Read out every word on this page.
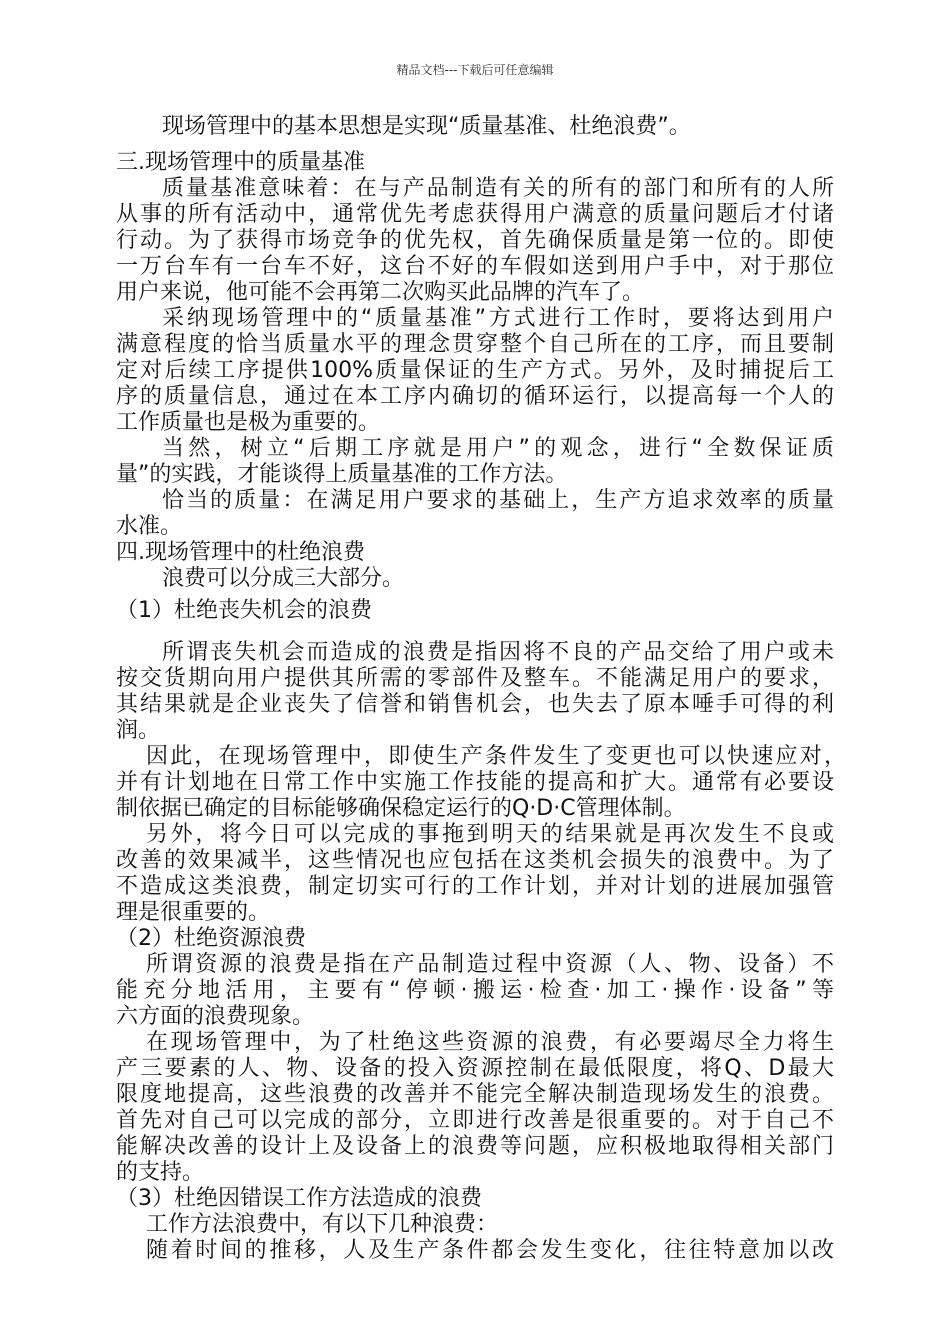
精品文档---下载后可任意编辑
现场管理中的基本思想是实现“质量基准、杜绝浪费”。
三.现场管理中的质量基准
质量基准意味着：在与产品制造有关的所有的部门和所有的人所
从事的所有活动中，通常优先考虑获得用户满意的质量问题后才付诸
行动。为了获得市场竞争的优先权，首先确保质量是第一位的。即使
一万台车有一台车不好，这台不好的车假如送到用户手中，对于那位
用户来说，他可能不会再第二次购买此品牌的汽车了。
采纳现场管理中的“质量基准”方式进行工作时，要将达到用户
满意程度的恰当质量水平的理念贯穿整个自己所在的工序，而且要制
定对后续工序提供100%质量保证的生产方式。另外，及时捕捉后工
序的质量信息，通过在本工序内确切的循环运行，以提高每一个人的
工作质量也是极为重要的。
当然，树立“后期工序就是用户”的观念，进行“全数保证质
量”的实践，才能谈得上质量基准的工作方法。
恰当的质量：在满足用户要求的基础上，生产方追求效率的质量
水准。
四.现场管理中的杜绝浪费
浪费可以分成三大部分。
（1）杜绝丧失机会的浪费
所谓丧失机会而造成的浪费是指因将不良的产品交给了用户或未
按交货期向用户提供其所需的零部件及整车。不能满足用户的要求，
其结果就是企业丧失了信誉和销售机会，也失去了原本唾手可得的利
润。
因此，在现场管理中，即使生产条件发生了变更也可以快速应对，
并有计划地在日常工作中实施工作技能的提高和扩大。通常有必要设
制依据已确定的目标能够确保稳定运行的Q·D·C管理体制。
另外，将今日可以完成的事拖到明天的结果就是再次发生不良或
改善的效果减半，这些情况也应包括在这类机会损失的浪费中。为了
不造成这类浪费，制定切实可行的工作计划，并对计划的进展加强管
理是很重要的。
（2）杜绝资源浪费
所谓资源的浪费是指在产品制造过程中资源（人、物、设备）不
能充分地活用，主要有“停顿·搬运·检查·加工·操作·设备”等
六方面的浪费现象。
在现场管理中，为了杜绝这些资源的浪费，有必要竭尽全力将生
产三要素的人、物、设备的投入资源控制在最低限度，将Q、D最大
限度地提高，这些浪费的改善并不能完全解决制造现场发生的浪费。
首先对自己可以完成的部分，立即进行改善是很重要的。对于自己不
能解决改善的设计上及设备上的浪费等问题，应积极地取得相关部门
的支持。
（3）杜绝因错误工作方法造成的浪费
工作方法浪费中，有以下几种浪费：
随着时间的推移，人及生产条件都会发生变化，往往特意加以改
